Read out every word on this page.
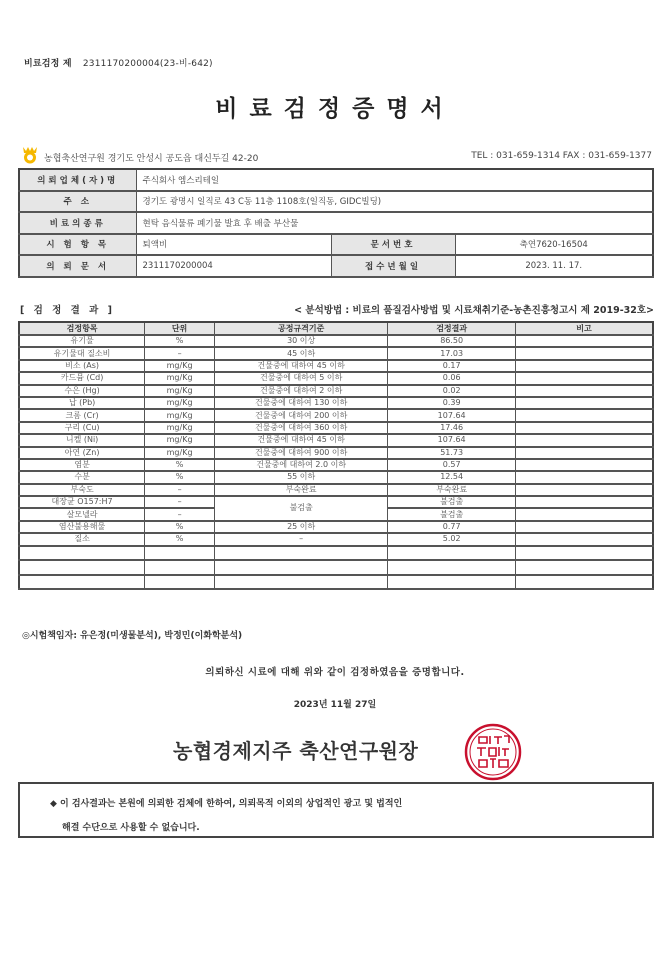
비료검정 제 2311170200004(23-비-642)
비료검정증명서
농협축산연구원 경기도 안성시 공도읍 대신두길 42-20	TEL : 031-659-1314 FAX : 031-659-1377
의뢰업체(자)명	주식회사 엠스리테일		
주 소	경기도 광명시 일직로 43 C동 11층 1108호(일직동, GIDC빌딩)		
비료의종류	현탁 음식물류 폐기물 발효 후 배출 부산물		
시 험 항 목	퇴액비	문서번호	축연7620-16504
의 뢰 문 서	2311170200004	접수년월일	2023. 11. 17.
[ 검 정 결 과 ]	< 분석방법 : 비료의 품질검사방법 및 시료채취기준-농촌진흥청고시 제 2019-32호>
검정항목	단위	공정규격기준	검정결과	비고
유기물	%	30 이상	86.50	
유기물대 질소비	–	45 이하	17.03	
비소 (As)	mg/Kg	건물중에 대하여 45 이하	0.17	
카드뮴 (Cd)	mg/Kg	건물중에 대하여 5 이하	0.06	
수은 (Hg)	mg/Kg	건물중에 대하여 2 이하	0.02	
납 (Pb)	mg/Kg	건물중에 대하여 130 이하	0.39	
크롬 (Cr)	mg/Kg	건물중에 대하여 200 이하	107.64	
구리 (Cu)	mg/Kg	건물중에 대하여 360 이하	17.46	
니켈 (Ni)	mg/Kg	건물중에 대하여 45 이하	107.64	
아연 (Zn)	mg/Kg	건물중에 대하여 900 이하	51.73	
염분	%	건물중에 대하여 2.0 이하	0.57	
수분	%	55 이하	12.54	
부숙도	–	부숙완료	부숙완료	
대장균 O157:H7	–	불검출	불검출	
살모넬라	–		불검출	
염산불용해물	%	25 이하	0.77	
질소	%	–	5.02	

◎시험책임자: 유은정(미생물분석), 박정민(이화학분석)
의뢰하신 시료에 대해 위와 같이 검정하였음을 증명합니다.
2023년 11월 27일
농협경제지주 축산연구원장
◆ 이 검사결과는 본원에 의뢰한 검체에 한하여, 의뢰목적 이외의 상업적인 광고 및 법적인
해결 수단으로 사용할 수 없습니다.
